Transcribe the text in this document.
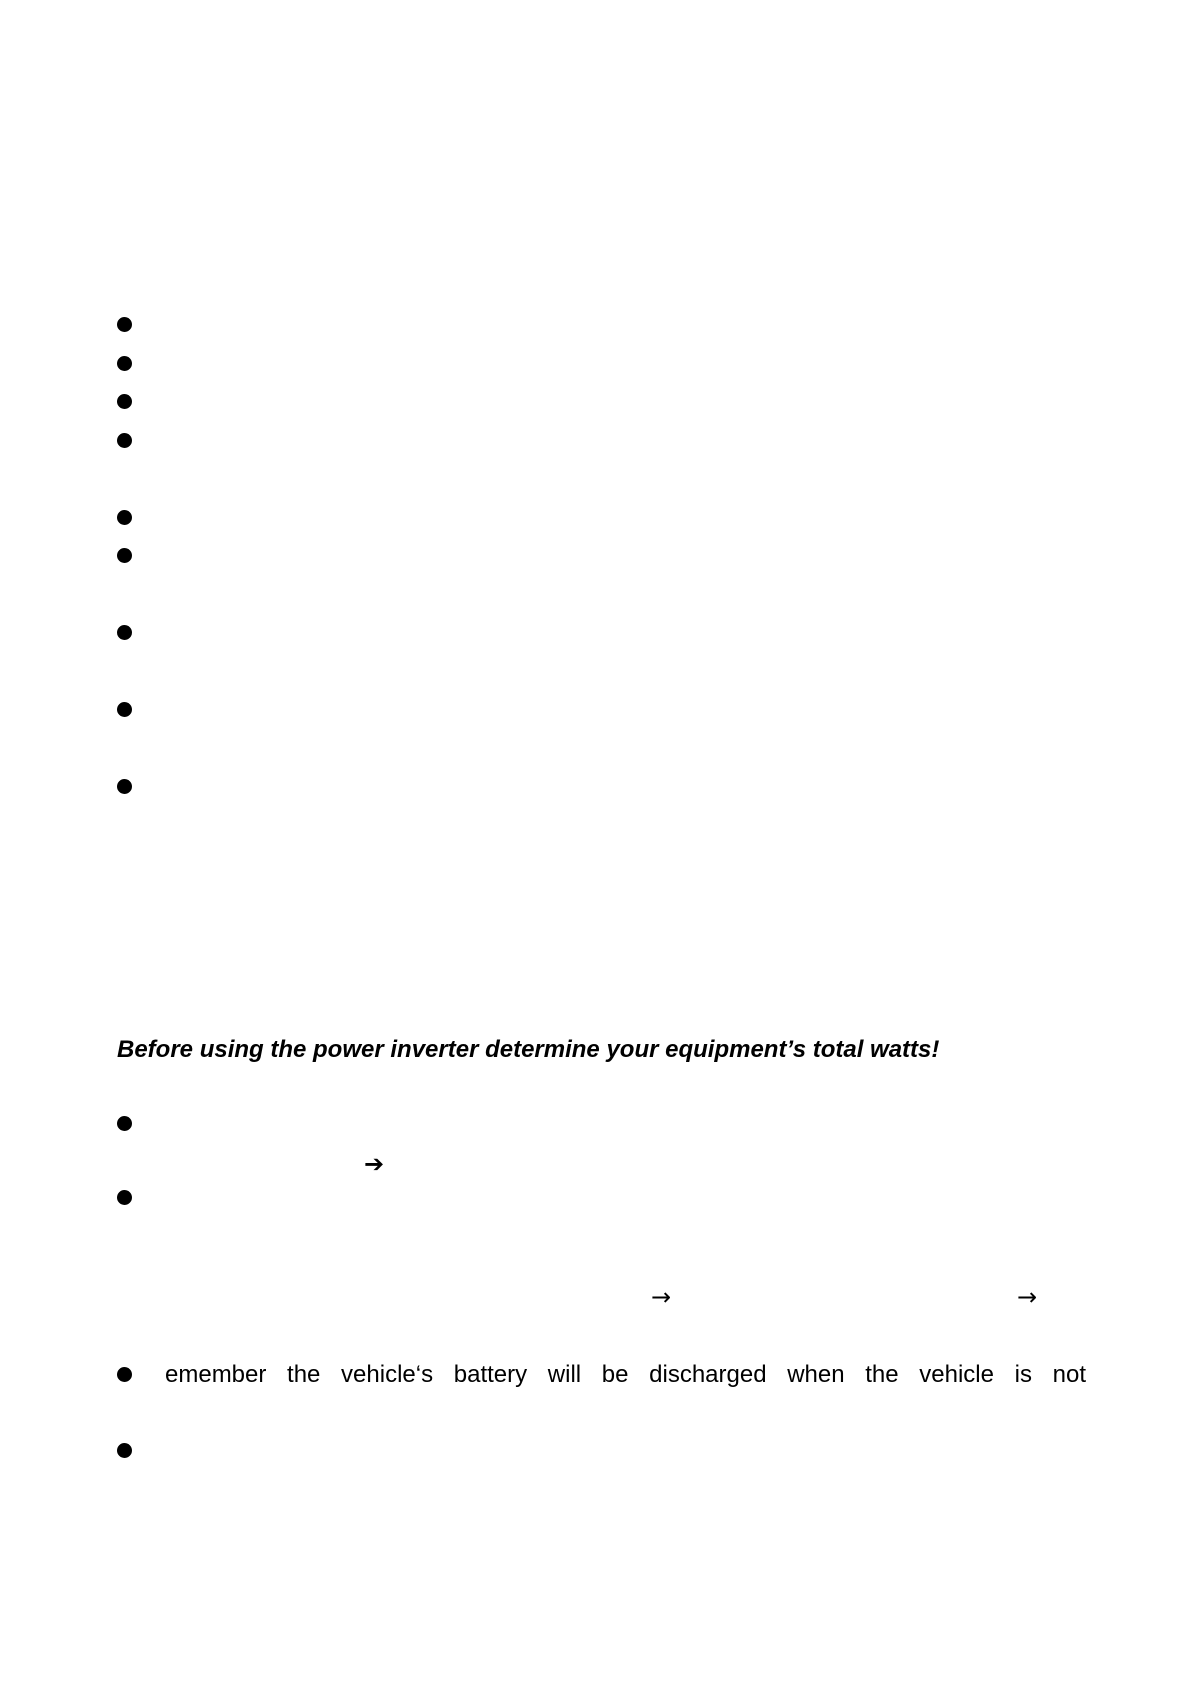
Before using the power inverter determine your equipment’s total watts!
➔
→	→
emember the vehicle‘s battery will be discharged when the vehicle is not
